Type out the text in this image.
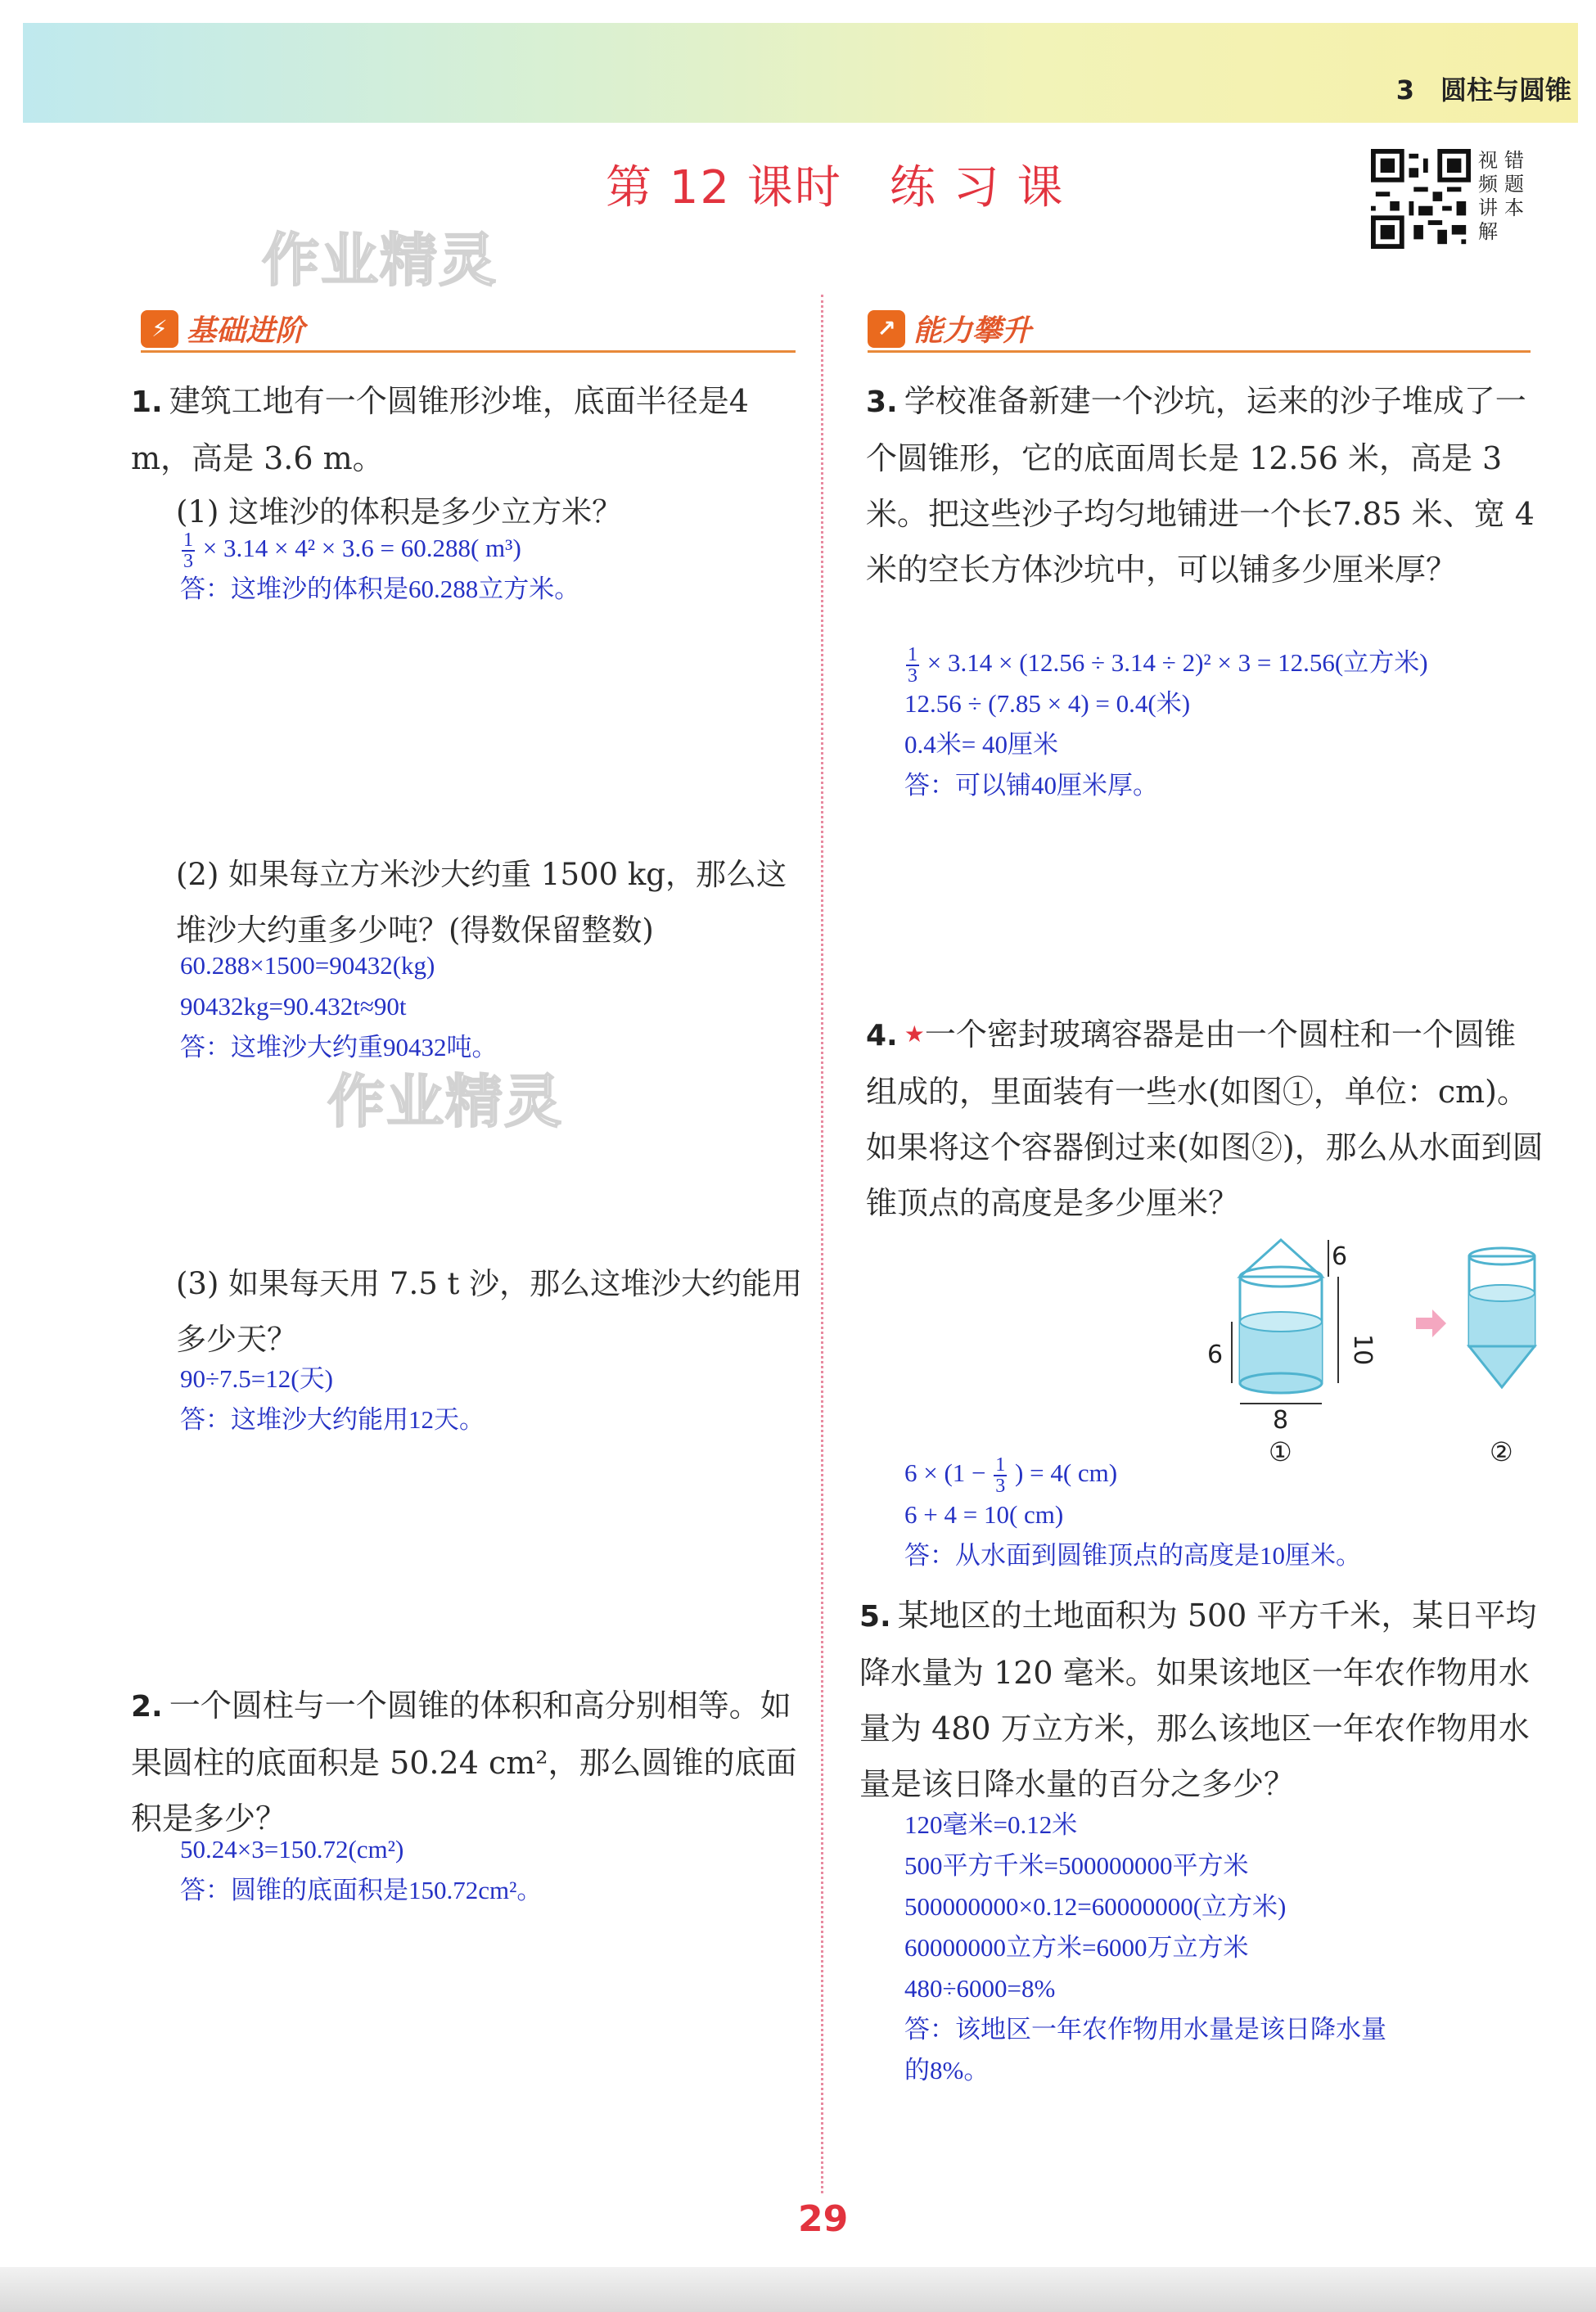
3　圆柱与圆锥
第 12 课时　练 习 课
视频讲解
错题本
作业精灵
作业精灵
⚡ 基础进阶	↗ 能力攀升
1. 建筑工地有一个圆锥形沙堆，底面半径是4 m，高是 3.6 m。
(1) 这堆沙的体积是多少立方米？
$\frac{1}{3} \times 3.14 \times 4^2 \times 3.6 = 60.288$( m³)
答：这堆沙的体积是60.288立方米。
(2) 如果每立方米沙大约重 1500 kg，那么这堆沙大约重多少吨？(得数保留整数)
60.288×1500=90432(kg)
90432kg=90.432t≈90t
答：这堆沙大约重90432吨。
(3) 如果每天用 7.5 t 沙，那么这堆沙大约能用多少天？
90÷7.5=12(天)
答：这堆沙大约能用12天。
2. 一个圆柱与一个圆锥的体积和高分别相等。如果圆柱的底面积是 50.24 cm²，那么圆锥的底面积是多少？
50.24×3=150.72(cm²)
答：圆锥的底面积是150.72cm²。
3. 学校准备新建一个沙坑，运来的沙子堆成了一个圆锥形，它的底面周长是 12.56 米，高是 3 米。把这些沙子均匀地铺进一个长7.85 米、宽 4 米的空长方体沙坑中，可以铺多少厘米厚？
$\frac{1}{3} \times 3.14 \times (12.56 \div 3.14 \div 2)^2 \times 3 = 12.56$(立方米)
12.56 ÷ (7.85 × 4) = 0.4(米)
0.4米= 40厘米
答：可以铺40厘米厚。
4. ★一个密封玻璃容器是由一个圆柱和一个圆锥组成的，里面装有一些水(如图①，单位：cm)。如果将这个容器倒过来(如图②)，那么从水面到圆锥顶点的高度是多少厘米？
6
10
6
8
①	②
$6 \times (1 - \frac{1}{3}$ ) = 4( cm)
6 + 4 = 10( cm)
答：从水面到圆锥顶点的高度是10厘米。
5. 某地区的土地面积为 500 平方千米，某日平均降水量为 120 毫米。如果该地区一年农作物用水量为 480 万立方米，那么该地区一年农作物用水量是该日降水量的百分之多少？
120毫米=0.12米
500平方千米=500000000平方米
500000000×0.12=60000000(立方米)
60000000立方米=6000万立方米
480÷6000=8%
答：该地区一年农作物用水量是该日降水量
的8%。
29
